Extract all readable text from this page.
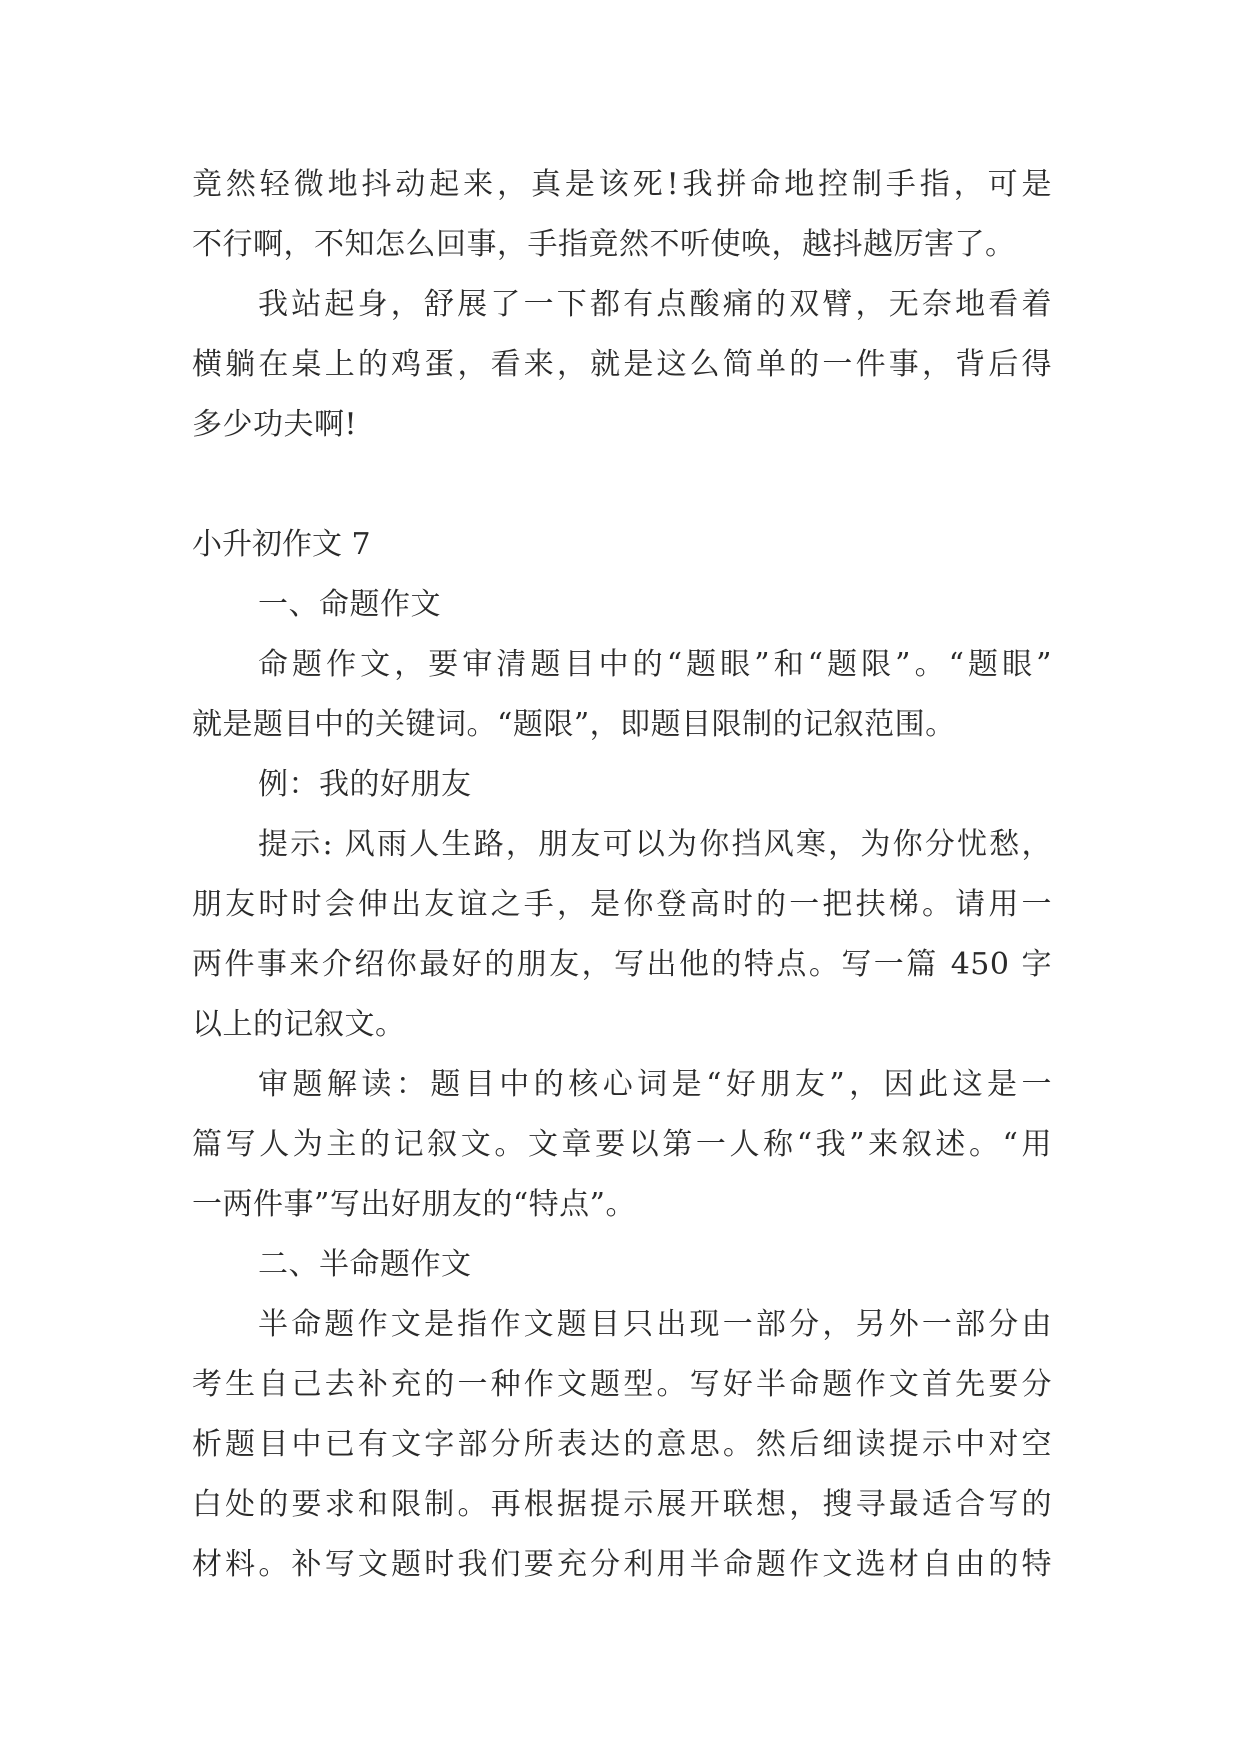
竟然轻微地抖动起来，真是该死!我拼命地控制手指，可是
不行啊，不知怎么回事，手指竟然不听使唤，越抖越厉害了。
我站起身，舒展了一下都有点酸痛的双臂，无奈地看着
横躺在桌上的鸡蛋，看来，就是这么简单的一件事，背后得
多少功夫啊!
小升初作文 7
一、命题作文
命题作文，要审清题目中的“题眼”和“题限”。“题眼”
就是题目中的关键词。“题限”，即题目限制的记叙范围。
例：我的好朋友
提示: 风雨人生路，朋友可以为你挡风寒，为你分忧愁，
朋友时时会伸出友谊之手，是你登高时的一把扶梯。请用一
两件事来介绍你最好的朋友，写出他的特点。写一篇 450 字
以上的记叙文。
审题解读：题目中的核心词是“好朋友”，因此这是一
篇写人为主的记叙文。文章要以第一人称“我”来叙述。“用
一两件事”写出好朋友的“特点”。
二、半命题作文
半命题作文是指作文题目只出现一部分，另外一部分由
考生自己去补充的一种作文题型。写好半命题作文首先要分
析题目中已有文字部分所表达的意思。然后细读提示中对空
白处的要求和限制。再根据提示展开联想，搜寻最适合写的
材料。补写文题时我们要充分利用半命题作文选材自由的特
